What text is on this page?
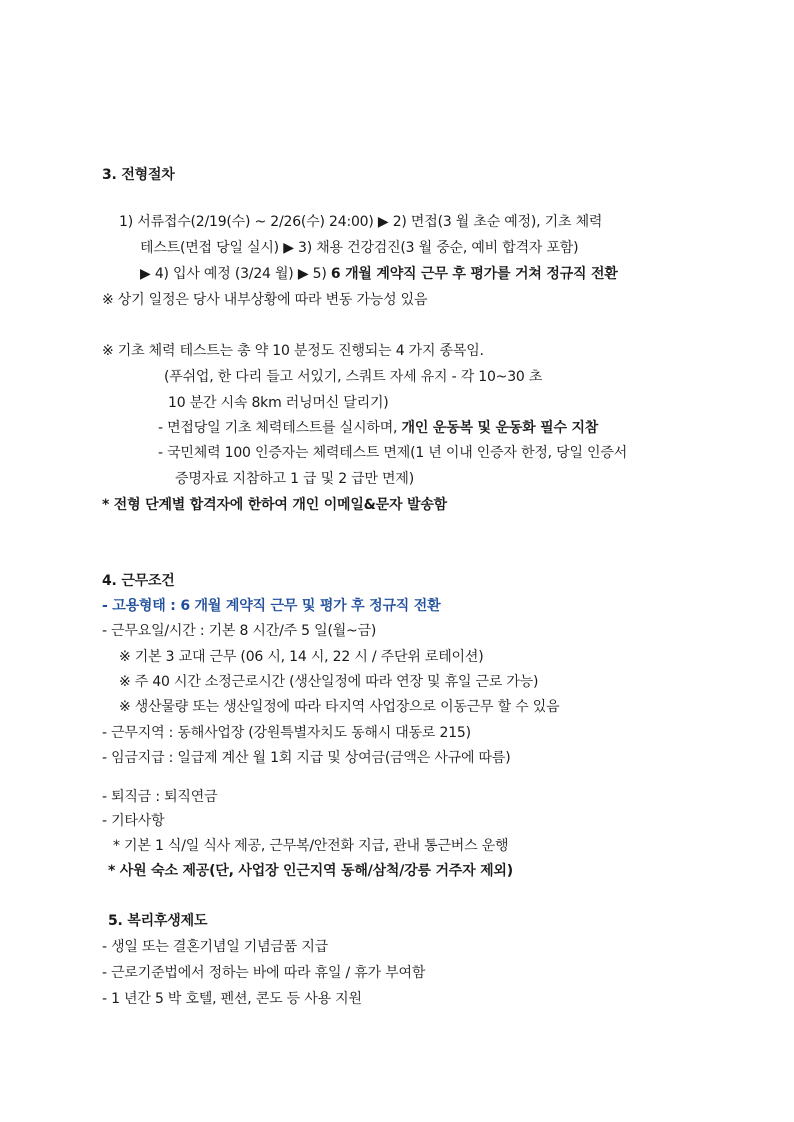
3. 전형절차
1) 서류접수(2/19(수) ~ 2/26(수) 24:00) ▶ 2) 면접(3 월 초순 예정), 기초 체력
테스트(면접 당일 실시) ▶ 3) 채용 건강검진(3 월 중순, 예비 합격자 포함)
▶ 4) 입사 예정 (3/24 월) ▶ 5) 6 개월 계약직 근무 후 평가를 거쳐 정규직 전환
※ 상기 일정은 당사 내부상황에 따라 변동 가능성 있음
※ 기초 체력 테스트는 총 약 10 분정도 진행되는 4 가지 종목임.
(푸쉬업, 한 다리 들고 서있기, 스쿼트 자세 유지 - 각 10~30 초
10 분간 시속 8km 러닝머신 달리기)
- 면접당일 기초 체력테스트를 실시하며, 개인 운동복 및 운동화 필수 지참
- 국민체력 100 인증자는 체력테스트 면제(1 년 이내 인증자 한정, 당일 인증서
증명자료 지참하고 1 급 및 2 급만 면제)
* 전형 단계별 합격자에 한하여 개인 이메일&문자 발송함
4. 근무조건
- 고용형태 : 6 개월 계약직 근무 및 평가 후 정규직 전환
- 근무요일/시간 : 기본 8 시간/주 5 일(월~금)
※ 기본 3 교대 근무 (06 시, 14 시, 22 시 / 주단위 로테이션)
※ 주 40 시간 소정근로시간 (생산일정에 따라 연장 및 휴일 근로 가능)
※ 생산물량 또는 생산일정에 따라 타지역 사업장으로 이동근무 할 수 있음
- 근무지역 : 동해사업장 (강원특별자치도 동해시 대동로 215)
- 임금지급 : 일급제 계산 월 1회 지급 및 상여금(금액은 사규에 따름)
- 퇴직금 : 퇴직연금
- 기타사항
* 기본 1 식/일 식사 제공, 근무복/안전화 지급, 관내 통근버스 운행
* 사원 숙소 제공(단, 사업장 인근지역 동해/삼척/강릉 거주자 제외)
5. 복리후생제도
- 생일 또는 결혼기념일 기념금품 지급
- 근로기준법에서 정하는 바에 따라 휴일 / 휴가 부여함
- 1 년간 5 박 호텔, 펜션, 콘도 등 사용 지원
